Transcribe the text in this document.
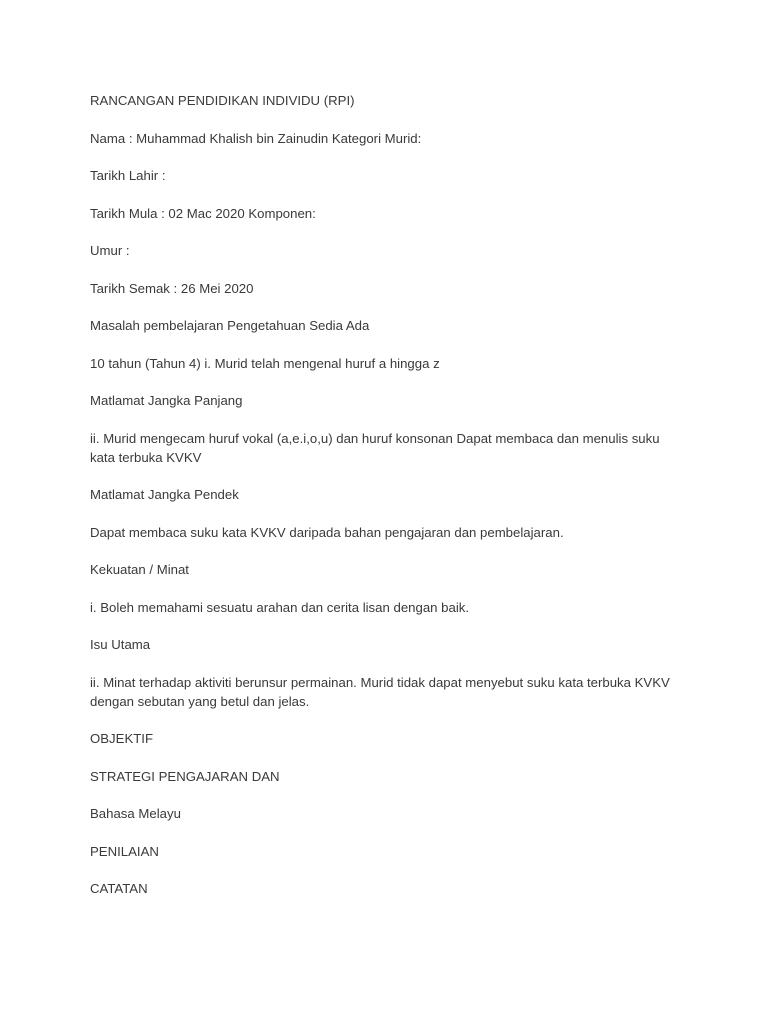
RANCANGAN PENDIDIKAN INDIVIDU (RPI)

Nama : Muhammad Khalish bin Zainudin Kategori Murid:

Tarikh Lahir :

Tarikh Mula : 02 Mac 2020 Komponen:

Umur :

Tarikh Semak : 26 Mei 2020

Masalah pembelajaran Pengetahuan Sedia Ada

10 tahun (Tahun 4) i. Murid telah mengenal huruf a hingga z

Matlamat Jangka Panjang

ii. Murid mengecam huruf vokal (a,e.i,o,u) dan huruf konsonan Dapat membaca dan menulis suku kata terbuka KVKV

Matlamat Jangka Pendek

Dapat membaca suku kata KVKV daripada bahan pengajaran dan pembelajaran.

Kekuatan / Minat

i. Boleh memahami sesuatu arahan dan cerita lisan dengan baik.

Isu Utama

ii. Minat terhadap aktiviti berunsur permainan. Murid tidak dapat menyebut suku kata terbuka KVKV dengan sebutan yang betul dan jelas.

OBJEKTIF

STRATEGI PENGAJARAN DAN

Bahasa Melayu

PENILAIAN

CATATAN
